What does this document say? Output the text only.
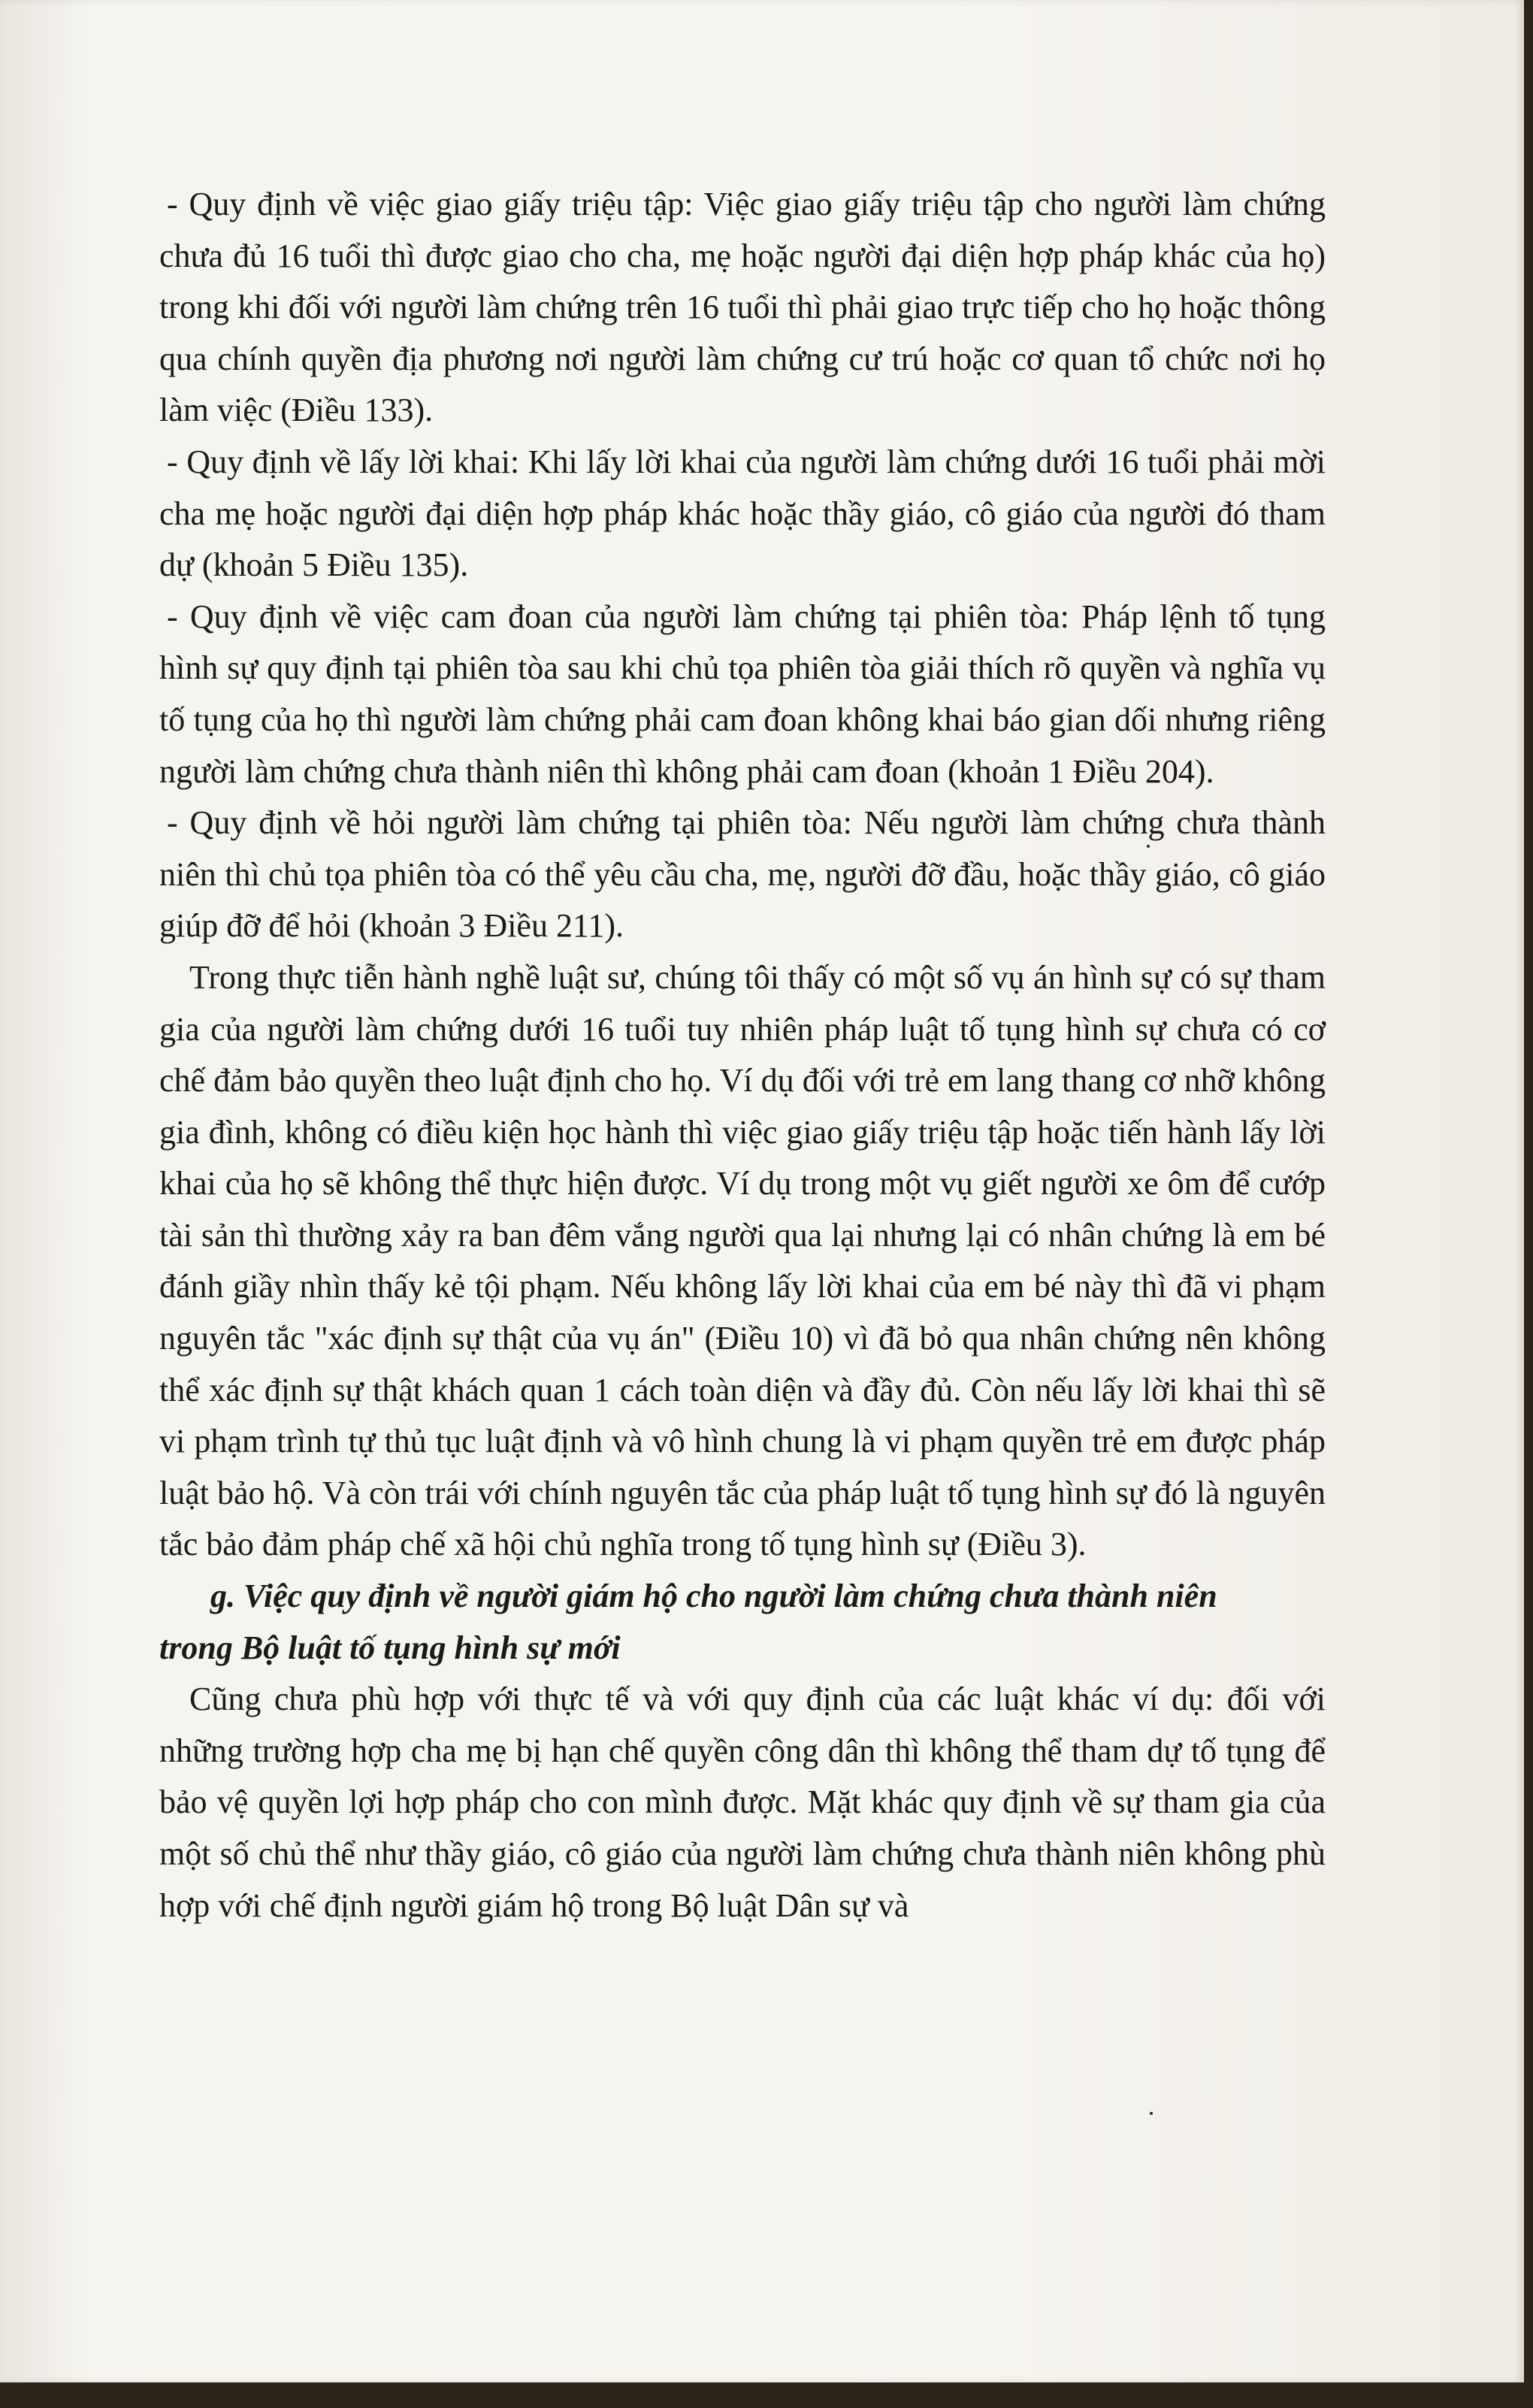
- Quy định về việc giao giấy triệu tập: Việc giao giấy triệu tập cho người làm chứng chưa đủ 16 tuổi thì được giao cho cha, mẹ hoặc người đại diện hợp pháp khác của họ) trong khi đối với người làm chứng trên 16 tuổi thì phải giao trực tiếp cho họ hoặc thông qua chính quyền địa phương nơi người làm chứng cư trú hoặc cơ quan tổ chức nơi họ làm việc (Điều 133).

- Quy định về lấy lời khai: Khi lấy lời khai của người làm chứng dưới 16 tuổi phải mời cha mẹ hoặc người đại diện hợp pháp khác hoặc thầy giáo, cô giáo của người đó tham dự (khoản 5 Điều 135).

- Quy định về việc cam đoan của người làm chứng tại phiên tòa: Pháp lệnh tố tụng hình sự quy định tại phiên tòa sau khi chủ tọa phiên tòa giải thích rõ quyền và nghĩa vụ tố tụng của họ thì người làm chứng phải cam đoan không khai báo gian dối nhưng riêng người làm chứng chưa thành niên thì không phải cam đoan (khoản 1 Điều 204).

- Quy định về hỏi người làm chứng tại phiên tòa: Nếu người làm chứng chưa thành niên thì chủ tọa phiên tòa có thể yêu cầu cha, mẹ, người đỡ đầu, hoặc thầy giáo, cô giáo giúp đỡ để hỏi (khoản 3 Điều 211).

Trong thực tiễn hành nghề luật sư, chúng tôi thấy có một số vụ án hình sự có sự tham gia của người làm chứng dưới 16 tuổi tuy nhiên pháp luật tố tụng hình sự chưa có cơ chế đảm bảo quyền theo luật định cho họ. Ví dụ đối với trẻ em lang thang cơ nhỡ không gia đình, không có điều kiện học hành thì việc giao giấy triệu tập hoặc tiến hành lấy lời khai của họ sẽ không thể thực hiện được. Ví dụ trong một vụ giết người xe ôm để cướp tài sản thì thường xảy ra ban đêm vắng người qua lại nhưng lại có nhân chứng là em bé đánh giầy nhìn thấy kẻ tội phạm. Nếu không lấy lời khai của em bé này thì đã vi phạm nguyên tắc "xác định sự thật của vụ án" (Điều 10) vì đã bỏ qua nhân chứng nên không thể xác định sự thật khách quan 1 cách toàn diện và đầy đủ. Còn nếu lấy lời khai thì sẽ vi phạm trình tự thủ tục luật định và vô hình chung là vi phạm quyền trẻ em được pháp luật bảo hộ. Và còn trái với chính nguyên tắc của pháp luật tố tụng hình sự đó là nguyên tắc bảo đảm pháp chế xã hội chủ nghĩa trong tố tụng hình sự (Điều 3).

g. Việc quy định về người giám hộ cho người làm chứng chưa thành niên
trong Bộ luật tố tụng hình sự mới

Cũng chưa phù hợp với thực tế và với quy định của các luật khác ví dụ: đối với những trường hợp cha mẹ bị hạn chế quyền công dân thì không thể tham dự tố tụng để bảo vệ quyền lợi hợp pháp cho con mình được. Mặt khác quy định về sự tham gia của một số chủ thể như thầy giáo, cô giáo của người làm chứng chưa thành niên không phù hợp với chế định người giám hộ trong Bộ luật Dân sự và
